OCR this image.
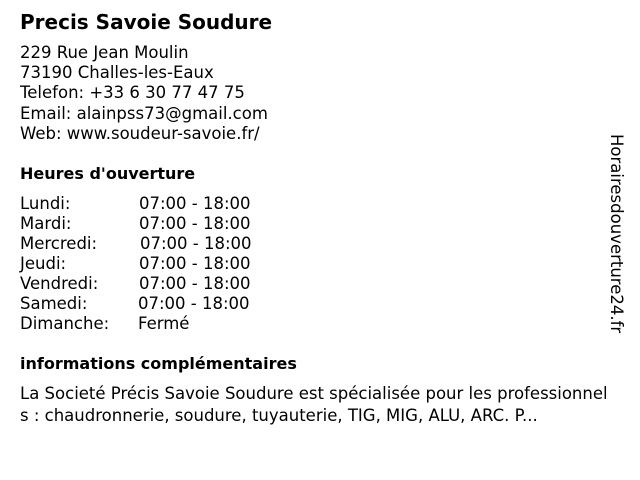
Precis Savoie Soudure
229 Rue Jean Moulin
73190 Challes-les-Eaux
Telefon: +33 6 30 77 47 75
Email: alainpss73@gmail.com
Web: www.soudeur-savoie.fr/
Heures d'ouverture
Lundi:	07:00 - 18:00
Mardi:	07:00 - 18:00
Mercredi:	07:00 - 18:00
Jeudi:	07:00 - 18:00
Vendredi: 07:00 - 18:00
Samedi:	07:00 - 18:00
Dimanche: Fermé
informations complémentaires

La Societé Précis Savoie Soudure est spécialisée pour les professionnels : chaudronnerie, soudure, tuyauterie, TIG, MIG, ALU, ARC. P...

Horairesdouverture24.fr
